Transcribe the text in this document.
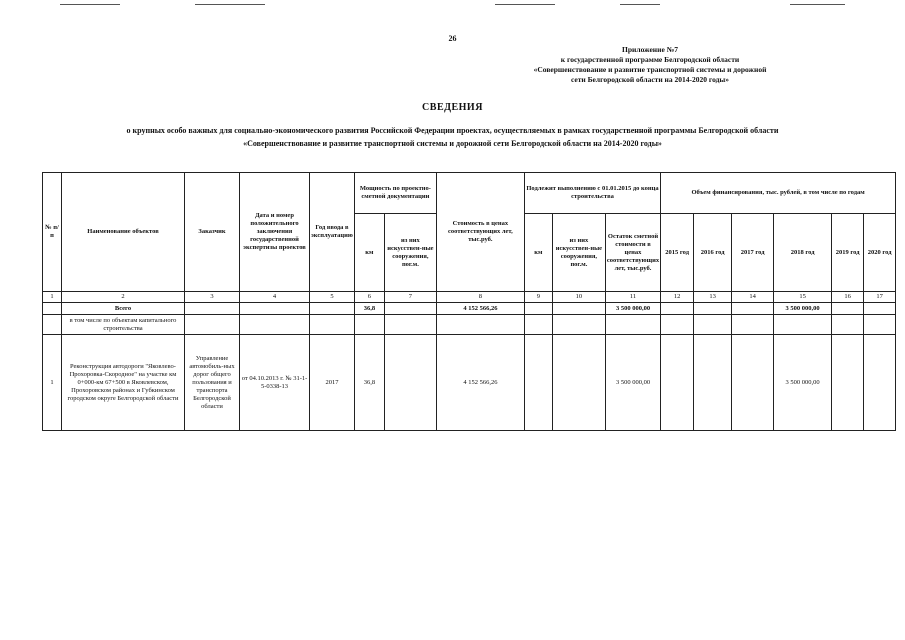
26
Приложение №7
к государственной программе Белгородской области
«Совершенствование и развитие транспортной системы и дорожной
сети Белгородской области на 2014-2020 годы»
СВЕДЕНИЯ
о крупных особо важных для социально-экономического развития Российской Федерации проектах, осуществляемых в рамках государственной программы Белгородской области
«Совершенствование и развитие транспортной системы и дорожной сети Белгородской области на 2014-2020 годы»
№ п/п	Наименование объектов	Заказчик	Дата и номер положительного заключения государственной экспертизы проектов	Год ввода в эксплуатацию	Мощность по проектно-сметной документации		Стоимость в ценах соответствующих лет, тыс.руб.	Подлежит выполнению с 01.01.2015 до конца строительства			Объем финансирования, тыс. рублей, в том числе по годам					
					км	из них искусствен-ные сооружения, пог.м.		км	из них искусствен-ные сооружения, пог.м.	Остаток сметной стоимости в ценах соответствующих лет, тыс.руб.	2015 год	2016 год	2017 год	2018 год	2019 год	2020 год
1	2	3	4	5	6	7	8	9	10	11	12	13	14	15	16	17
	Всего				36,8		4 152 566,26			3 500 000,00				3 500 000,00		
	в том числе по объектам капитального строительства															
1	Реконструкция автодороги "Яковлево-Прохоровка-Скородное" на участке км 0+000-км 67+500 в Яковлевском, Прохоровском районах и Губкинском городском округе Белгородской области	Управление автомобиль-ных дорог общего пользования и транспорта Белгородской области	от 04.10.2013 г. № 31-1-5-0338-13	2017	36,8		4 152 566,26			3 500 000,00				3 500 000,00		
